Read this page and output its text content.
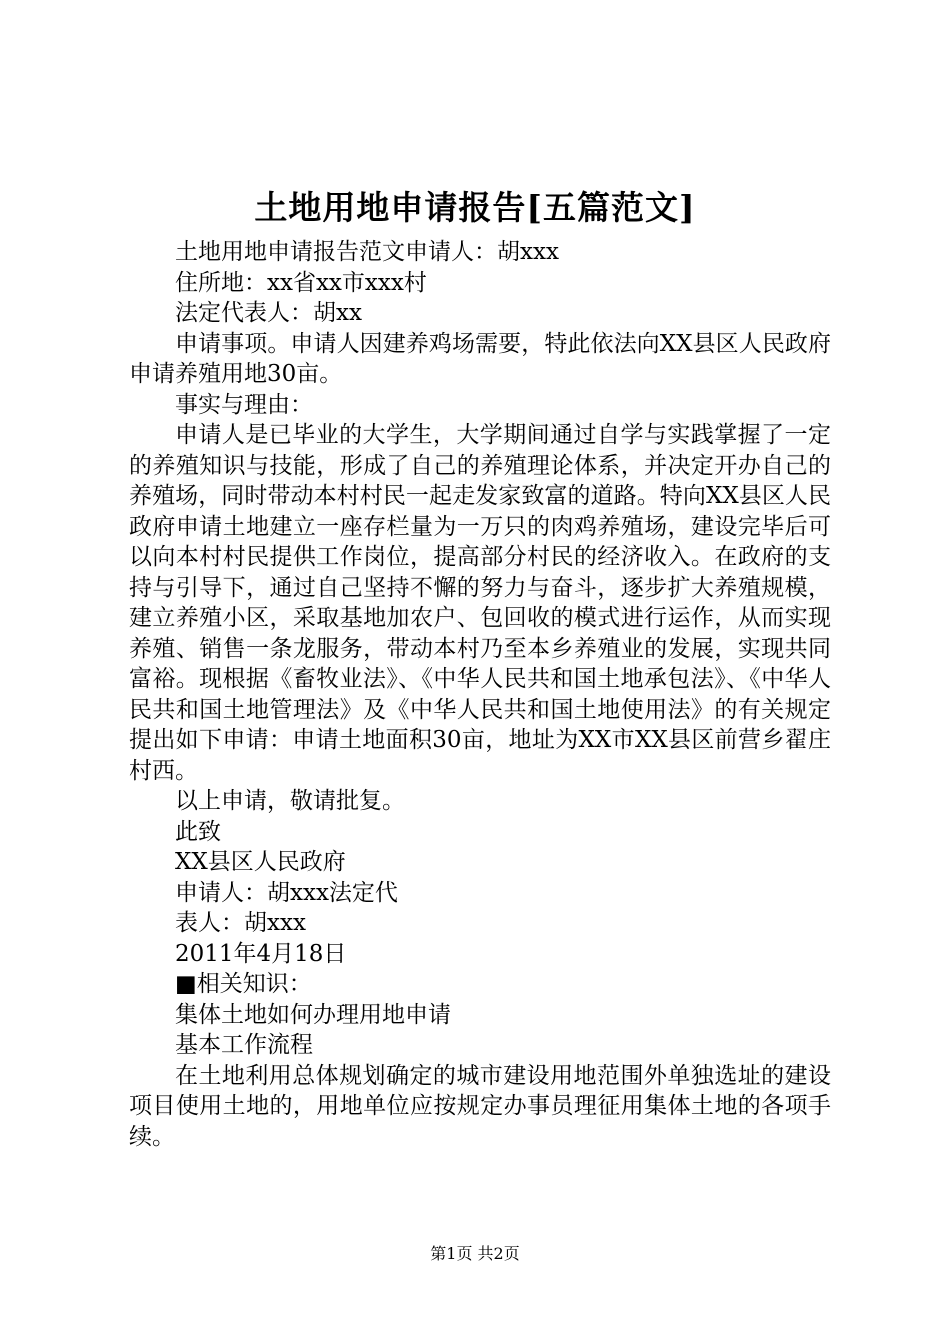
土地用地申请报告[五篇范文]

土地用地申请报告范文申请人：胡xxx

住所地：xx省xx市xxx村

法定代表人：胡xx

申请事项。申请人因建养鸡场需要，特此依法向XX县区人民政府申请养殖用地30亩。

事实与理由：

申请人是已毕业的大学生，大学期间通过自学与实践掌握了一定的养殖知识与技能，形成了自己的养殖理论体系，并决定开办自己的养殖场，同时带动本村村民一起走发家致富的道路。特向XX县区人民政府申请土地建立一座存栏量为一万只的肉鸡养殖场，建设完毕后可以向本村村民提供工作岗位，提高部分村民的经济收入。在政府的支持与引导下，通过自己坚持不懈的努力与奋斗，逐步扩大养殖规模，建立养殖小区，采取基地加农户、包回收的模式进行运作，从而实现养殖、销售一条龙服务，带动本村乃至本乡养殖业的发展，实现共同富裕。现根据《畜牧业法》、《中华人民共和国土地承包法》、《中华人民共和国土地管理法》及《中华人民共和国土地使用法》的有关规定提出如下申请：申请土地面积30亩，地址为XX市XX县区前营乡翟庄村西。

以上申请，敬请批复。

此致

XX县区人民政府

申请人：胡xxx法定代

表人：胡xxx

2011年4月18日

■相关知识：

集体土地如何办理用地申请

基本工作流程

在土地利用总体规划确定的城市建设用地范围外单独选址的建设项目使用土地的，用地单位应按规定办事员理征用集体土地的各项手续。

第1页 共2页
